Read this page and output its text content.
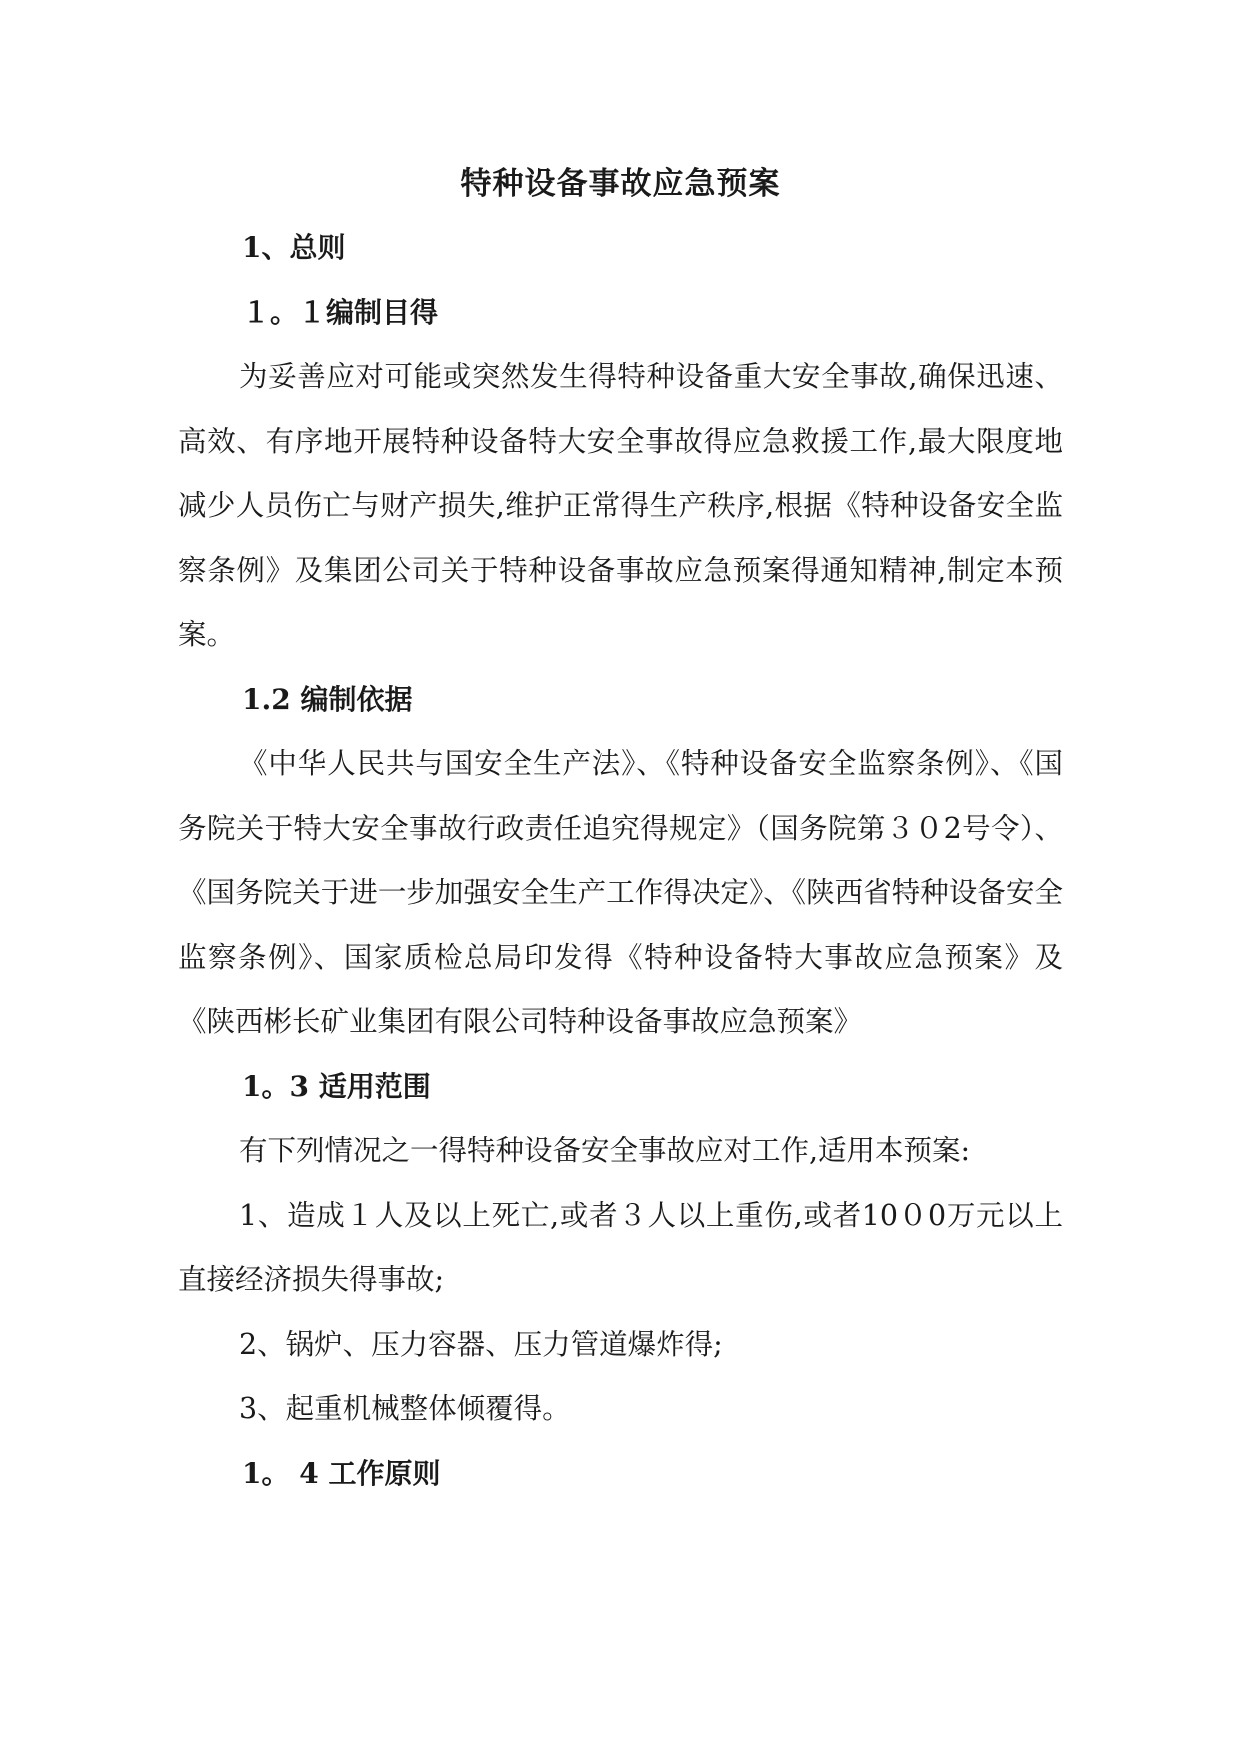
特种设备事故应急预案
1、总则
１。１编制目得

为妥善应对可能或突然发生得特种设备重大安全事故,确保迅速、高效、有序地开展特种设备特大安全事故得应急救援工作,最大限度地减少人员伤亡与财产损失,维护正常得生产秩序,根据《特种设备安全监察条例》及集团公司关于特种设备事故应急预案得通知精神,制定本预案。

1.2 编制依据

《中华人民共与国安全生产法》、《特种设备安全监察条例》、《国务院关于特大安全事故行政责任追究得规定》（国务院第３０2号令）、《国务院关于进一步加强安全生产工作得决定》、《陕西省特种设备安全监察条例》、国家质检总局印发得《特种设备特大事故应急预案》及《陕西彬长矿业集团有限公司特种设备事故应急预案》

1。3 适用范围

有下列情况之一得特种设备安全事故应对工作,适用本预案:

1、造成１人及以上死亡,或者３人以上重伤,或者10０0万元以上直接经济损失得事故;

2、锅炉、压力容器、压力管道爆炸得;

3、起重机械整体倾覆得。

1。 4 工作原则
